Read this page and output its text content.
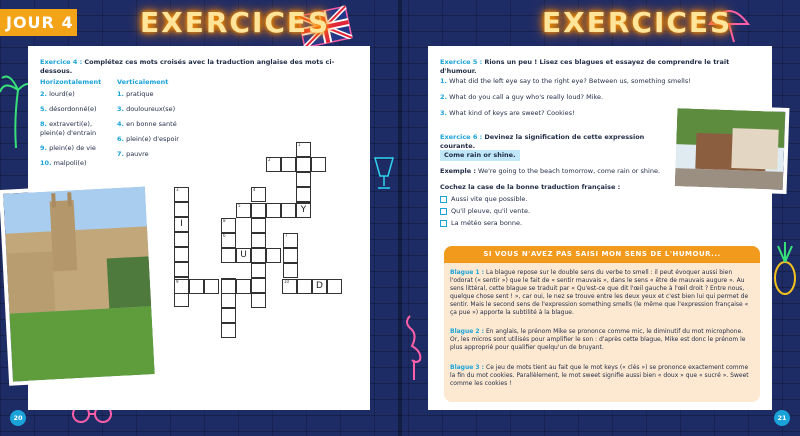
JOUR 4 EXERCICES	EXERCICES
Exercice 4 : Complétez ces mots croisés avec la traduction anglaise des mots ci-dessous.
Horizontalement
2. lourd(e)
5. désordonné(e)
8. extraverti(e), plein(e) d'entrain
9. plein(e) de vie
10. malpoli(e)
Verticalement
1. pratique
3. douloureux(se)
4. en bonne santé
6. plein(e) d'espoir
7. pauvre
1
2
5	Y
3
I
4
6
U
7
9	10	D
8
20
Exercice 5 : Rions un peu ! Lisez ces blagues et essayez de comprendre le trait d'humour.
1. What did the left eye say to the right eye? Between us, something smells!
2. What do you call a guy who's really loud? Mike.
3. What kind of keys are sweet? Cookies!
Exercice 6 : Devinez la signification de cette expression courante.
Come rain or shine.
Exemple : We're going to the beach tomorrow, come rain or shine.
Cochez la case de la bonne traduction française :
Aussi vite que possible.
Qu'il pleuve, qu'il vente.
La météo sera bonne.
21
SI VOUS N'AVEZ PAS SAISI MON SENS DE L'HUMOUR...
Blague 1 : La blague repose sur le double sens du verbe to smell : il peut évoquer aussi bien l'odorat (« sentir ») que le fait de « sentir mauvais », dans le sens « être de mauvais augure ». Au sens littéral, cette blague se traduit par « Qu'est-ce que dit l'œil gauche à l'œil droit ? Entre nous, quelque chose sent ! », car oui, le nez se trouve entre les deux yeux et c'est bien lui qui permet de sentir. Mais le second sens de l'expression something smells (le même que l'expression française « ça pue ») apporte la subtilité à la blague.
Blague 2 : En anglais, le prénom Mike se prononce comme mic, le diminutif du mot microphone. Or, les micros sont utilisés pour amplifier le son : d'après cette blague, Mike est donc le prénom le plus approprié pour qualifier quelqu'un de bruyant.
Blague 3 : Ce jeu de mots tient au fait que le mot keys (« clés ») se prononce exactement comme la fin du mot cookies. Parallèlement, le mot sweet signifie aussi bien « doux » que « sucré ». Sweet comme les cookies !
